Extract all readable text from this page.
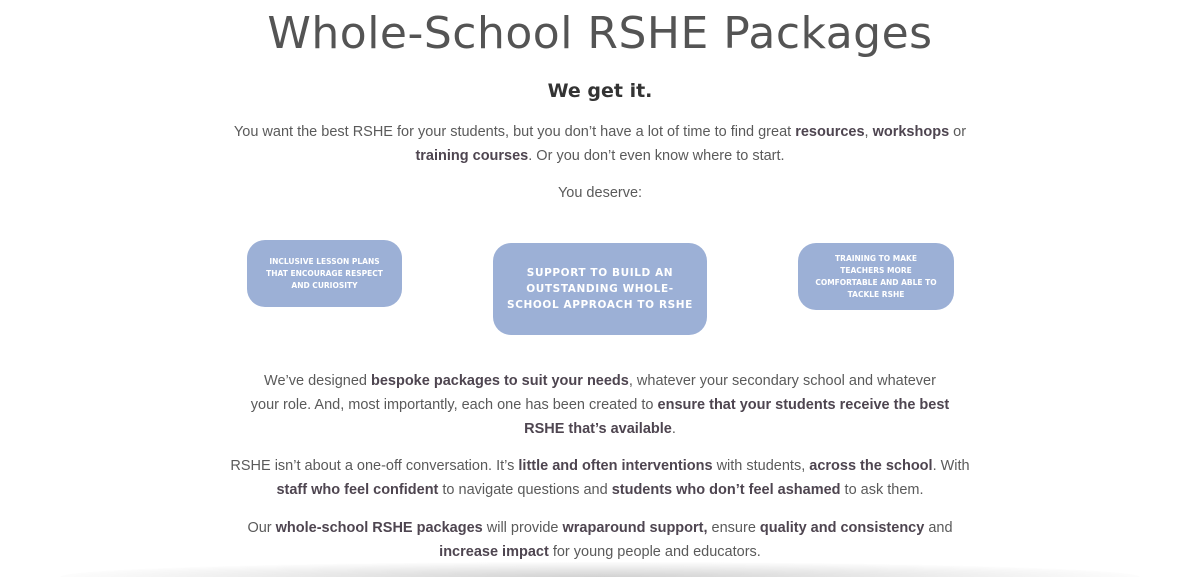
Whole-School RSHE Packages
We get it.

You want the best RSHE for your students, but you don’t have a lot of time to find great resources, workshops or training courses. Or you don’t even know where to start.

You deserve:

INCLUSIVE LESSON PLANS THAT ENCOURAGE RESPECT AND CURIOSITY
SUPPORT TO BUILD AN OUTSTANDING WHOLE-SCHOOL APPROACH TO RSHE
TRAINING TO MAKE TEACHERS MORE COMFORTABLE AND ABLE TO TACKLE RSHE

We’ve designed bespoke packages to suit your needs, whatever your secondary school and whatever your role. And, most importantly, each one has been created to ensure that your students receive the best RSHE that’s available.

RSHE isn’t about a one-off conversation. It’s little and often interventions with students, across the school. With staff who feel confident to navigate questions and students who don’t feel ashamed to ask them.

Our whole-school RSHE packages will provide wraparound support, ensure quality and consistency and increase impact for young people and educators.
